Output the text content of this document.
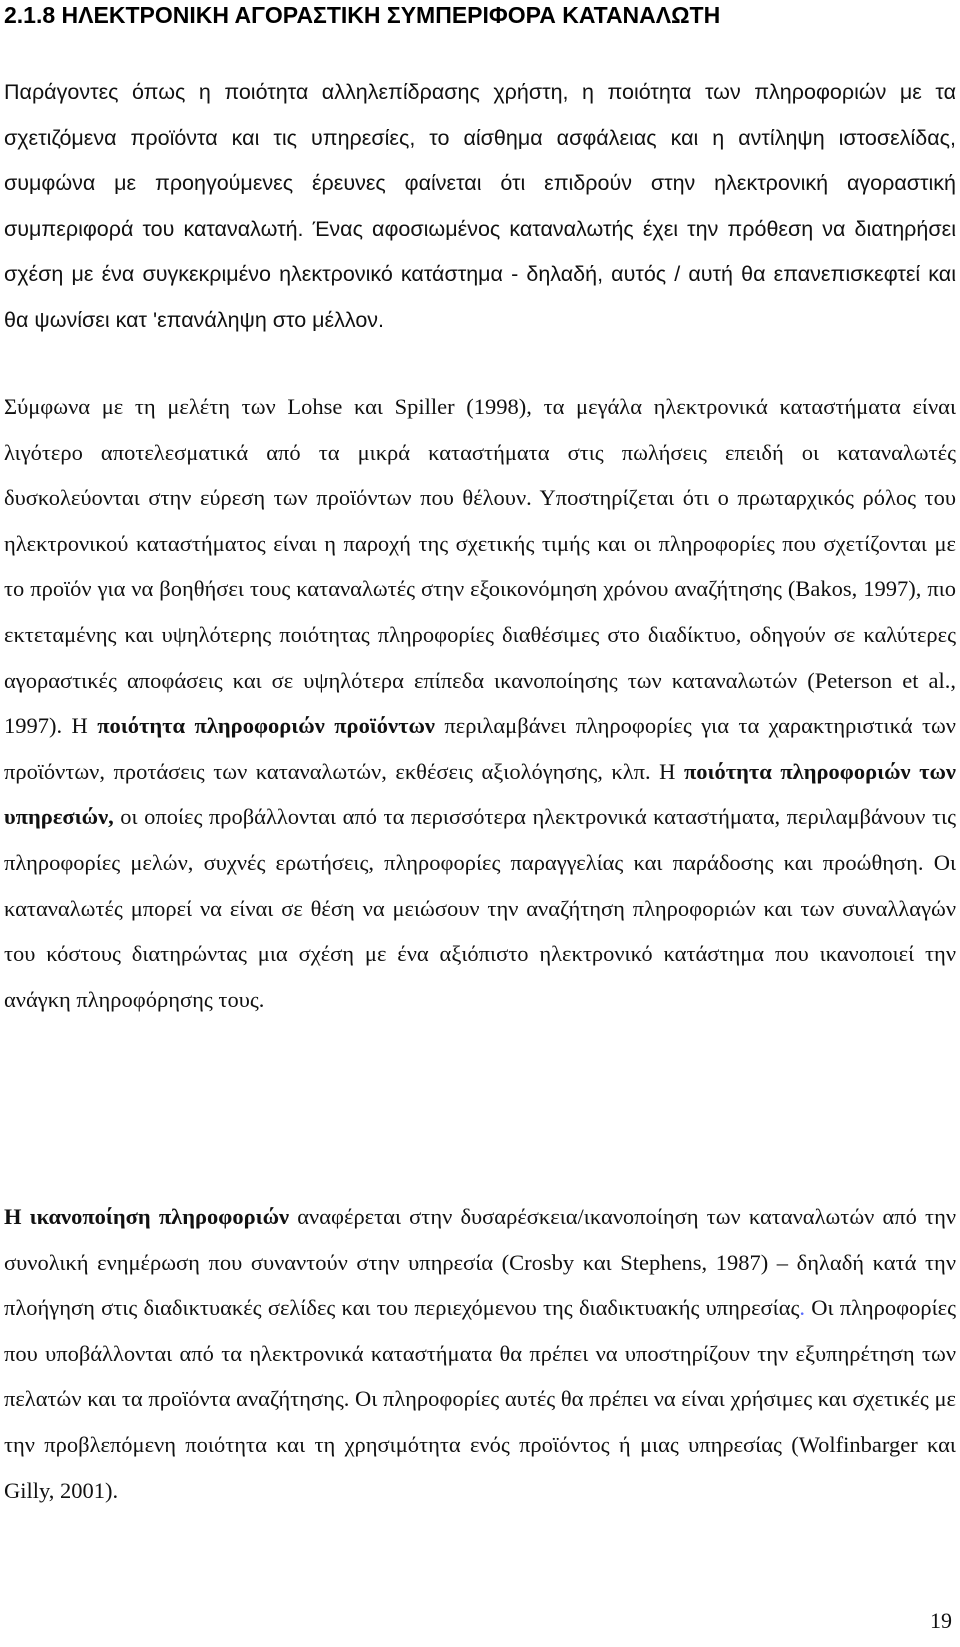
2.1.8 ΗΛΕΚΤΡΟΝΙΚΗ ΑΓΟΡΑΣΤΙΚΗ ΣΥΜΠΕΡΙΦΟΡΑ ΚΑΤΑΝΑΛΩΤΗ

Παράγοντες όπως η ποιότητα αλληλεπίδρασης χρήστη, η ποιότητα των πληροφοριών με τα σχετιζόμενα προϊόντα και τις υπηρεσίες, το αίσθημα ασφάλειας και η αντίληψη ιστοσελίδας, συμφώνα με προηγούμενες έρευνες φαίνεται ότι επιδρούν στην ηλεκτρονική αγοραστική συμπεριφορά του καταναλωτή. Ένας αφοσιωμένος καταναλωτής έχει την πρόθεση να διατηρήσει σχέση με ένα συγκεκριμένο ηλεκτρονικό κατάστημα - δηλαδή, αυτός / αυτή θα επανεπισκεφτεί και θα ψωνίσει κατ 'επανάληψη στο μέλλον.

Σύμφωνα με τη μελέτη των Lohse και Spiller (1998), τα μεγάλα ηλεκτρονικά καταστήματα είναι λιγότερο αποτελεσματικά από τα μικρά καταστήματα στις πωλήσεις επειδή οι καταναλωτές δυσκολεύονται στην εύρεση των προϊόντων που θέλουν. Υποστηρίζεται ότι ο πρωταρχικός ρόλος του ηλεκτρονικού καταστήματος είναι η παροχή της σχετικής τιμής και οι πληροφορίες που σχετίζονται με το προϊόν για να βοηθήσει τους καταναλωτές στην εξοικονόμηση χρόνου αναζήτησης (Bakos, 1997), πιο εκτεταμένης και υψηλότερης ποιότητας πληροφορίες διαθέσιμες στο διαδίκτυο, οδηγούν σε καλύτερες αγοραστικές αποφάσεις και σε υψηλότερα επίπεδα ικανοποίησης των καταναλωτών (Peterson et al., 1997). Η ποιότητα πληροφοριών προϊόντων περιλαμβάνει πληροφορίες για τα χαρακτηριστικά των προϊόντων, προτάσεις των καταναλωτών, εκθέσεις αξιολόγησης, κλπ. Η ποιότητα πληροφοριών των υπηρεσιών, οι οποίες προβάλλονται από τα περισσότερα ηλεκτρονικά καταστήματα, περιλαμβάνουν τις πληροφορίες μελών, συχνές ερωτήσεις, πληροφορίες παραγγελίας και παράδοσης και προώθηση. Οι καταναλωτές μπορεί να είναι σε θέση να μειώσουν την αναζήτηση πληροφοριών και των συναλλαγών του κόστους διατηρώντας μια σχέση με ένα αξιόπιστο ηλεκτρονικό κατάστημα που ικανοποιεί την ανάγκη πληροφόρησης τους.

Η ικανοποίηση πληροφοριών αναφέρεται στην δυσαρέσκεια/ικανοποίηση των καταναλωτών από την συνολική ενημέρωση που συναντούν στην υπηρεσία (Crosby και Stephens, 1987) – δηλαδή κατά την πλοήγηση στις διαδικτυακές σελίδες και του περιεχόμενου της διαδικτυακής υπηρεσίας. Οι πληροφορίες που υποβάλλονται από τα ηλεκτρονικά καταστήματα θα πρέπει να υποστηρίζουν την εξυπηρέτηση των πελατών και τα προϊόντα αναζήτησης. Οι πληροφορίες αυτές θα πρέπει να είναι χρήσιμες και σχετικές με την προβλεπόμενη ποιότητα και τη χρησιμότητα ενός προϊόντος ή μιας υπηρεσίας (Wolfinbarger και Gilly, 2001).

19
